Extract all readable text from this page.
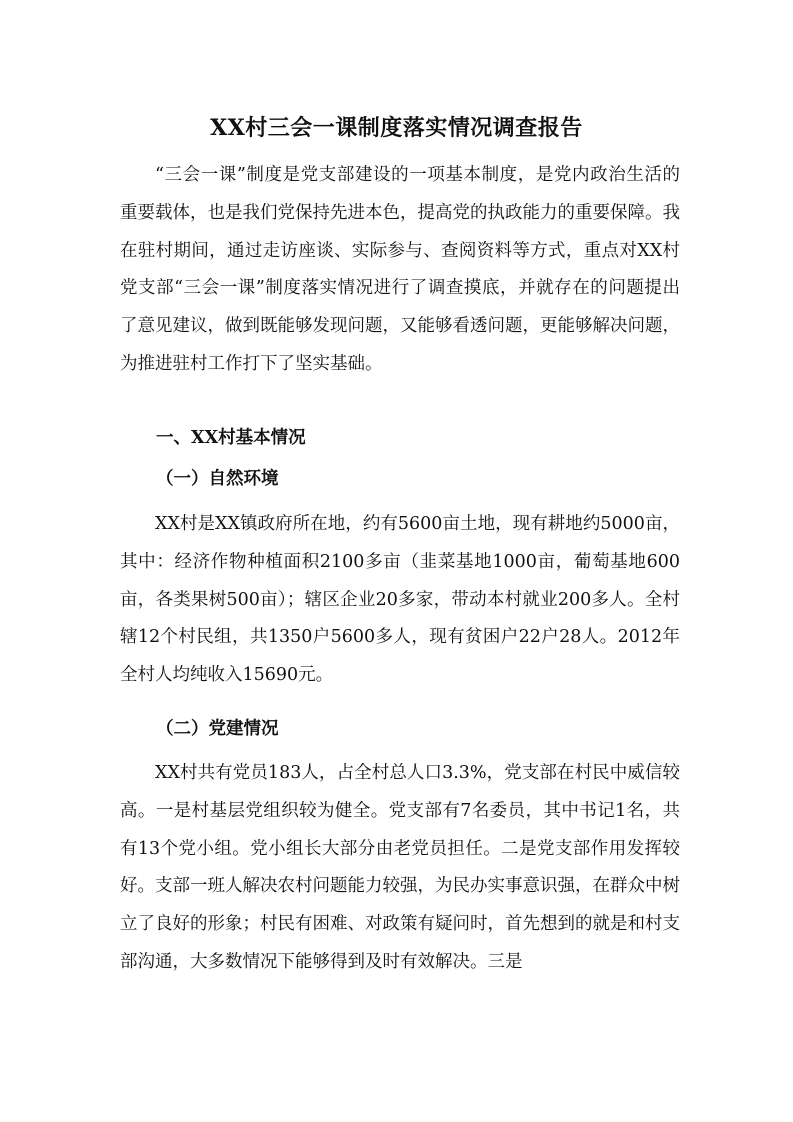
XX村三会一课制度落实情况调查报告

“三会一课”制度是党支部建设的一项基本制度，是党内政治生活的重要载体，也是我们党保持先进本色，提高党的执政能力的重要保障。我在驻村期间，通过走访座谈、实际参与、查阅资料等方式，重点对XX村党支部“三会一课”制度落实情况进行了调查摸底，并就存在的问题提出了意见建议，做到既能够发现问题，又能够看透问题，更能够解决问题，为推进驻村工作打下了坚实基础。

一、XX村基本情况
（一）自然环境

XX村是XX镇政府所在地，约有5600亩土地，现有耕地约5000亩，其中：经济作物种植面积2100多亩（韭菜基地1000亩，葡萄基地600亩，各类果树500亩）；辖区企业20多家，带动本村就业200多人。全村辖12个村民组，共1350户5600多人，现有贫困户22户28人。2012年全村人均纯收入15690元。

（二）党建情况

XX村共有党员183人，占全村总人口3.3%，党支部在村民中威信较高。一是村基层党组织较为健全。党支部有7名委员，其中书记1名，共有13个党小组。党小组长大部分由老党员担任。二是党支部作用发挥较好。支部一班人解决农村问题能力较强，为民办实事意识强，在群众中树立了良好的形象；村民有困难、对政策有疑问时，首先想到的就是和村支部沟通，大多数情况下能够得到及时有效解决。三是
